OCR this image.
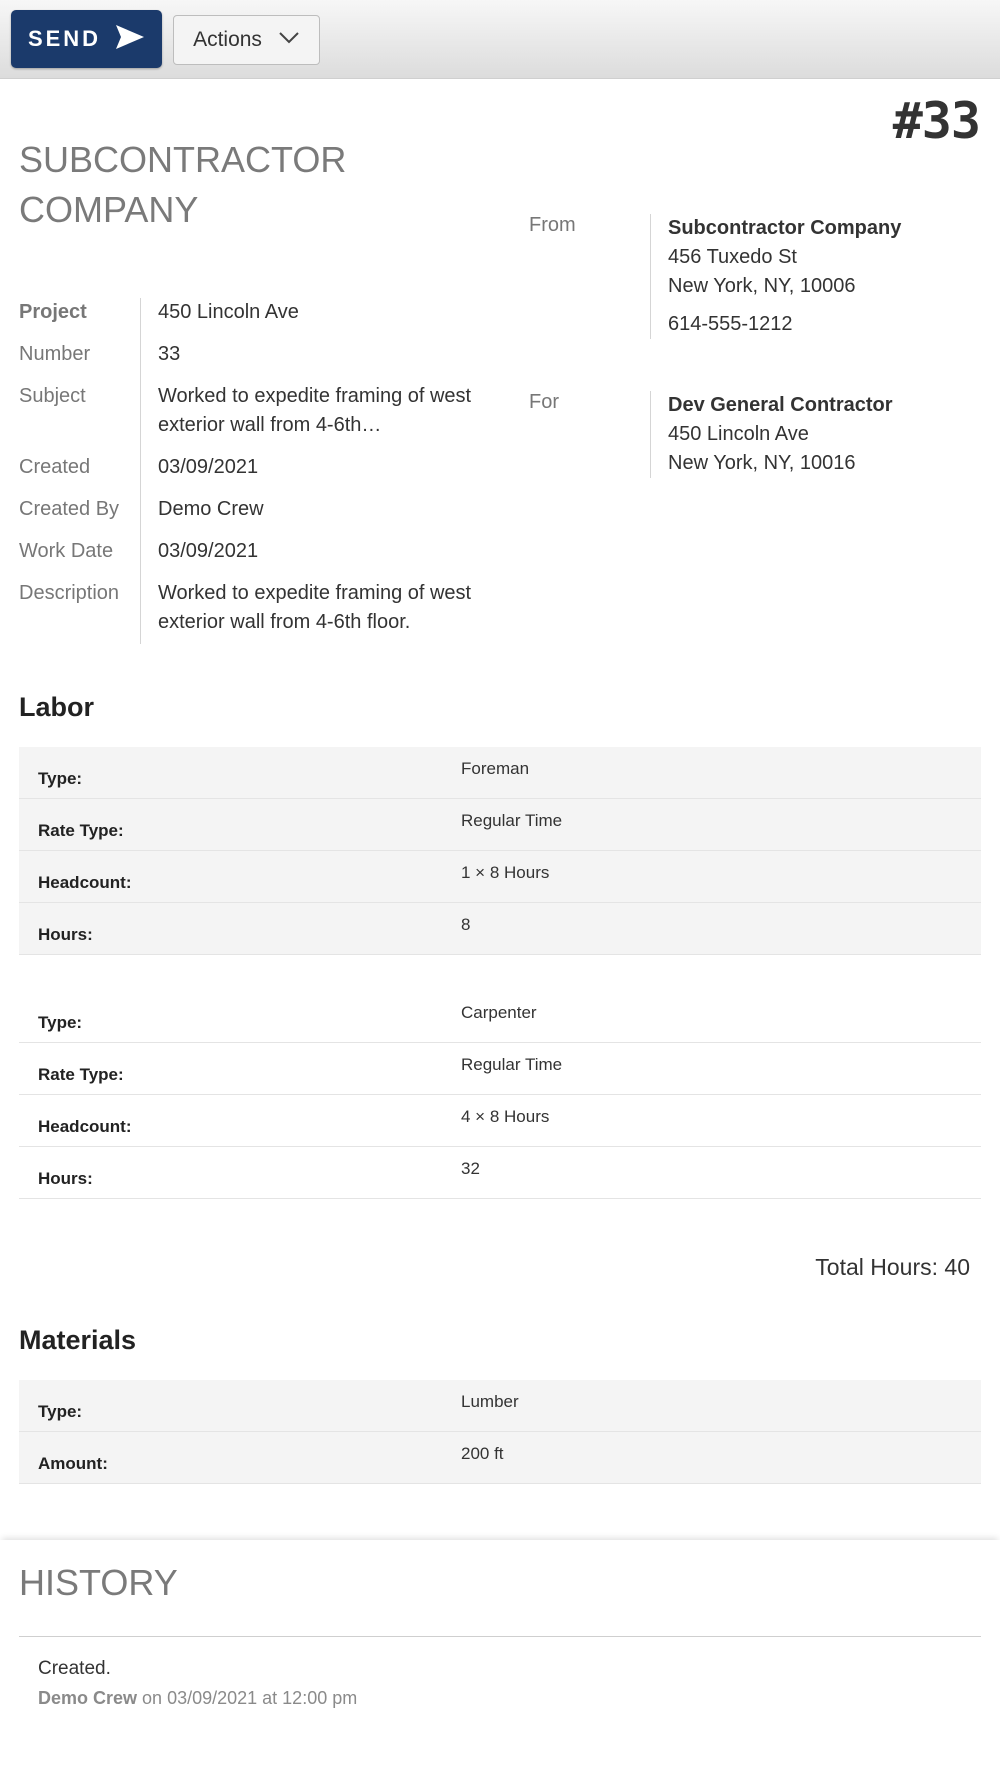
SEND	Actions
#33
SUBCONTRACTOR COMPANY	From	Subcontractor Company
456 Tuxedo St
New York, NY, 10006
614-555-1212
For	Dev General Contractor
450 Lincoln Ave
New York, NY, 10016
Project	450 Lincoln Ave
Number	33
Subject	Worked to expedite framing of west exterior wall from 4-6th…
Created	03/09/2021
Created By	Demo Crew
Work Date	03/09/2021
Description	Worked to expedite framing of west exterior wall from 4-6th floor.
Labor
Type:
Foreman
Rate Type:
Regular Time
Headcount:
1 × 8 Hours
Hours:
8
Type:
Carpenter
Rate Type:
Regular Time
Headcount:
4 × 8 Hours
Hours:
32
Total Hours: 40
Materials
Type:
Lumber
Amount:
200 ft
HISTORY
Created.
Demo Crew on 03/09/2021 at 12:00 pm
